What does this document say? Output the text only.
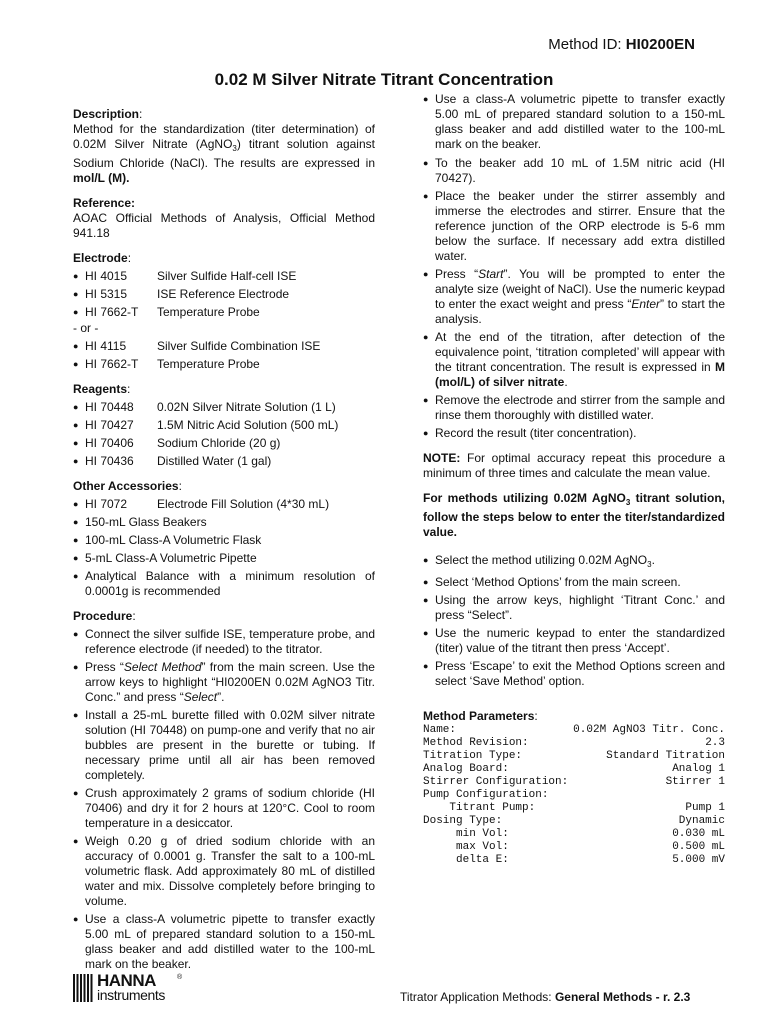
Method ID: HI0200EN
0.02 M Silver Nitrate Titrant Concentration
Description:
Method for the standardization (titer determination) of 0.02M Silver Nitrate (AgNO$_3$) titrant solution against Sodium Chloride (NaCl). The results are expressed in mol/L (M).
Reference:
AOAC Official Methods of Analysis, Official Method 941.18
Electrode:
● HI 4015	Silver Sulfide Half-cell ISE
● HI 5315	ISE Reference Electrode
● HI 7662-T	Temperature Probe
- or -
● HI 4115	Silver Sulfide Combination ISE
● HI 7662-T	Temperature Probe
Reagents:
● HI 70448	0.02N Silver Nitrate Solution (1 L)
● HI 70427	1.5M Nitric Acid Solution (500 mL)
● HI 70406	Sodium Chloride (20 g)
● HI 70436	Distilled Water (1 gal)
Other Accessories:
● HI 7072	Electrode Fill Solution (4*30 mL)
● 150-mL Glass Beakers
● 100-mL Class-A Volumetric Flask
● 5-mL Class-A Volumetric Pipette
● Analytical Balance with a minimum resolution of 0.0001g is recommended
Procedure:
● Connect the silver sulfide ISE, temperature probe, and reference electrode (if needed) to the titrator.
● Press “Select Method” from the main screen. Use the arrow keys to highlight “HI0200EN 0.02M AgNO3 Titr. Conc.” and press “Select”.
● Install a 25-mL burette filled with 0.02M silver nitrate solution (HI 70448) on pump-one and verify that no air bubbles are present in the burette or tubing. If necessary prime until all air has been removed completely.
● Crush approximately 2 grams of sodium chloride (HI 70406) and dry it for 2 hours at 120°C. Cool to room temperature in a desiccator.
● Weigh 0.20 g of dried sodium chloride with an accuracy of 0.0001 g. Transfer the salt to a 100-mL volumetric flask. Add approximately 80 mL of distilled water and mix. Dissolve completely before bringing to volume.
● Use a class-A volumetric pipette to transfer exactly 5.00 mL of prepared standard solution to a 150-mL glass beaker and add distilled water to the 100-mL mark on the beaker.
● Use a class-A volumetric pipette to transfer exactly 5.00 mL of prepared standard solution to a 150-mL glass beaker and add distilled water to the 100-mL mark on the beaker.
● To the beaker add 10 mL of 1.5M nitric acid (HI 70427).
● Place the beaker under the stirrer assembly and immerse the electrodes and stirrer. Ensure that the reference junction of the ORP electrode is 5-6 mm below the surface. If necessary add extra distilled water.
● Press “Start”. You will be prompted to enter the analyte size (weight of NaCl). Use the numeric keypad to enter the exact weight and press “Enter” to start the analysis.
● At the end of the titration, after detection of the equivalence point, ‘titration completed’ will appear with the titrant concentration. The result is expressed in M (mol/L) of silver nitrate.
● Remove the electrode and stirrer from the sample and rinse them thoroughly with distilled water.
● Record the result (titer concentration).
NOTE: For optimal accuracy repeat this procedure a minimum of three times and calculate the mean value.
For methods utilizing 0.02M AgNO$_3$ titrant solution, follow the steps below to enter the titer/standardized value.
● Select the method utilizing 0.02M AgNO$_3$.
● Select ‘Method Options’ from the main screen.
● Using the arrow keys, highlight ‘Titrant Conc.’ and press “Select”.
● Use the numeric keypad to enter the standardized (titer) value of the titrant then press ‘Accept’.
● Press ‘Escape’ to exit the Method Options screen and select ‘Save Method’ option.
Method Parameters:
Name:	0.02M AgNO3 Titr. Conc.
Method Revision:	2.3
Titration Type:	Standard Titration
Analog Board:	Analog 1
Stirrer Configuration:	Stirrer 1
Pump Configuration:
Titrant Pump:	Pump 1
Dosing Type:	Dynamic
min Vol:	0.030 mL
max Vol:	0.500 mL
delta E:	5.000 mV
HANNA	®
instruments	Titrator Application Methods: General Methods - r. 2.3
